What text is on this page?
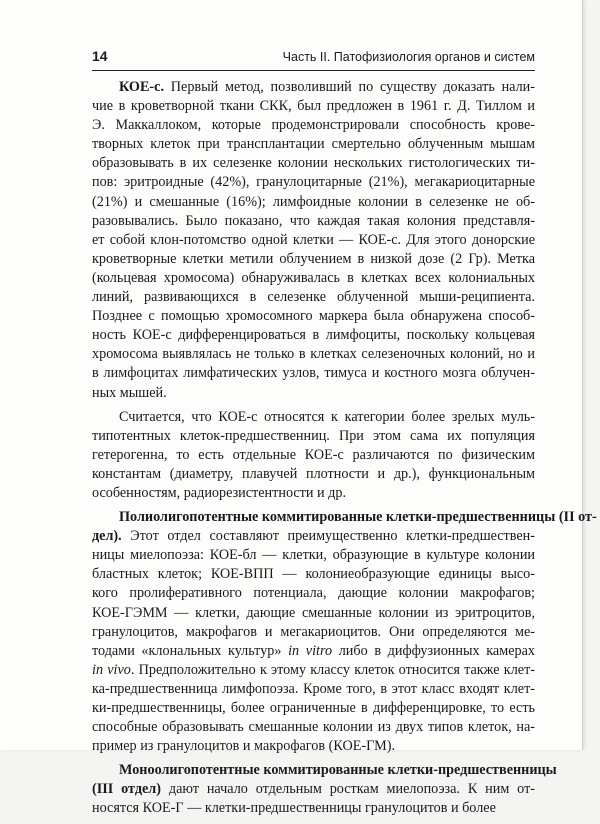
14	Часть II. Патофизиология органов и систем
КОЕ-с. Первый метод, позволивший по существу доказать нали-
чие в кроветворной ткани СКК, был предложен в 1961 г. Д. Тиллом и
Э. Маккаллоком, которые продемонстрировали способность крове-
творных клеток при трансплантации смертельно облученным мышам
образовывать в их селезенке колонии нескольких гистологических ти-
пов: эритроидные (42%), гранулоцитарные (21%), мегакариоцитарные
(21%) и смешанные (16%); лимфоидные колонии в селезенке не об-
разовывались. Было показано, что каждая такая колония представля-
ет собой клон-потомство одной клетки — КОЕ-с. Для этого донорские
кроветворные клетки метили облучением в низкой дозе (2 Гр). Метка
(кольцевая хромосома) обнаруживалась в клетках всех колониальных
линий, развивающихся в селезенке облученной мыши-реципиента.
Позднее с помощью хромосомного маркера была обнаружена способ-
ность КОЕ-с дифференцироваться в лимфоциты, поскольку кольцевая
хромосома выявлялась не только в клетках селезеночных колоний, но и
в лимфоцитах лимфатических узлов, тимуса и костного мозга облучен-
ных мышей.
Считается, что КОЕ-с относятся к категории более зрелых муль-
типотентных клеток-предшественниц. При этом сама их популяция
гетерогенна, то есть отдельные КОЕ-с различаются по физическим
константам (диаметру, плавучей плотности и др.), функциональным
особенностям, радиорезистентности и др.
Полиолигопотентные коммитированные клетки-предшественницы (II от-
дел). Этот отдел составляют преимущественно клетки-предшествен-
ницы миелопоэза: КОЕ-бл — клетки, образующие в культуре колонии
бластных клеток; КОЕ-ВПП — колониеобразующие единицы высо-
кого пролиферативного потенциала, дающие колонии макрофагов;
КОЕ-ГЭММ — клетки, дающие смешанные колонии из эритроцитов,
гранулоцитов, макрофагов и мегакариоцитов. Они определяются ме-
тодами «клональных культур» in vitro либо в диффузионных камерах
in vivo. Предположительно к этому классу клеток относится также клет-
ка-предшественница лимфопоэза. Кроме того, в этот класс входят клет-
ки-предшественницы, более ограниченные в дифференцировке, то есть
способные образовывать смешанные колонии из двух типов клеток, на-
пример из гранулоцитов и макрофагов (КОЕ-ГМ).
Моноолигопотентные коммитированные клетки-предшественницы
(III отдел) дают начало отдельным росткам миелопоэза. К ним от-
носятся КОЕ-Г — клетки-предшественницы гранулоцитов и более
